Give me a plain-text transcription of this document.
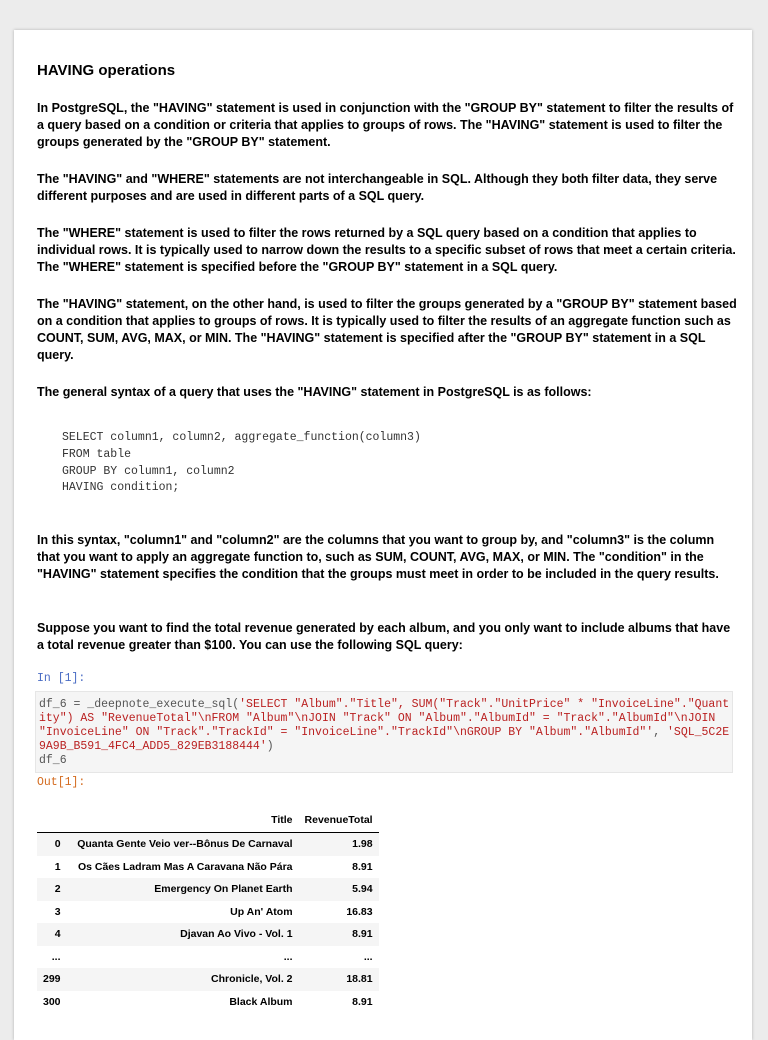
HAVING operations

In PostgreSQL, the "HAVING" statement is used in conjunction with the "GROUP BY" statement to filter the results of a query based on a condition or criteria that applies to groups of rows. The "HAVING" statement is used to filter the groups generated by the "GROUP BY" statement.

The "HAVING" and "WHERE" statements are not interchangeable in SQL. Although they both filter data, they serve different purposes and are used in different parts of a SQL query.

The "WHERE" statement is used to filter the rows returned by a SQL query based on a condition that applies to individual rows. It is typically used to narrow down the results to a specific subset of rows that meet a certain criteria. The "WHERE" statement is specified before the "GROUP BY" statement in a SQL query.

The "HAVING" statement, on the other hand, is used to filter the groups generated by a "GROUP BY" statement based on a condition that applies to groups of rows. It is typically used to filter the results of an aggregate function such as COUNT, SUM, AVG, MAX, or MIN. The "HAVING" statement is specified after the "GROUP BY" statement in a SQL query.

The general syntax of a query that uses the "HAVING" statement in PostgreSQL is as follows:

SELECT column1, column2, aggregate_function(column3)
FROM table
GROUP BY column1, column2
HAVING condition;

In this syntax, "column1" and "column2" are the columns that you want to group by, and "column3" is the column that you want to apply an aggregate function to, such as SUM, COUNT, AVG, MAX, or MIN. The "condition" in the "HAVING" statement specifies the condition that the groups must meet in order to be included in the query results.

Suppose you want to find the total revenue generated by each album, and you only want to include albums that have a total revenue greater than $100. You can use the following SQL query:

In [1]:
df_6 = _deepnote_execute_sql('SELECT "Album"."Title", SUM("Track"."UnitPrice" * "InvoiceLine"."Quantity") AS "RevenueTotal"\nFROM "Album"\nJOIN "Track" ON "Album"."AlbumId" = "Track"."AlbumId"\nJOIN "InvoiceLine" ON "Track"."TrackId" = "InvoiceLine"."TrackId"\nGROUP BY "Album"."AlbumId"', 'SQL_5C2E9A9B_B591_4FC4_ADD5_829EB3188444')
df_6
Out[1]:
	Title	RevenueTotal
0	Quanta Gente Veio ver--Bônus De Carnaval	1.98
1	Os Cães Ladram Mas A Caravana Não Pára	8.91
2	Emergency On Planet Earth	5.94
3	Up An' Atom	16.83
4	Djavan Ao Vivo - Vol. 1	8.91
...	...	...
299	Chronicle, Vol. 2	18.81
300	Black Album	8.91
